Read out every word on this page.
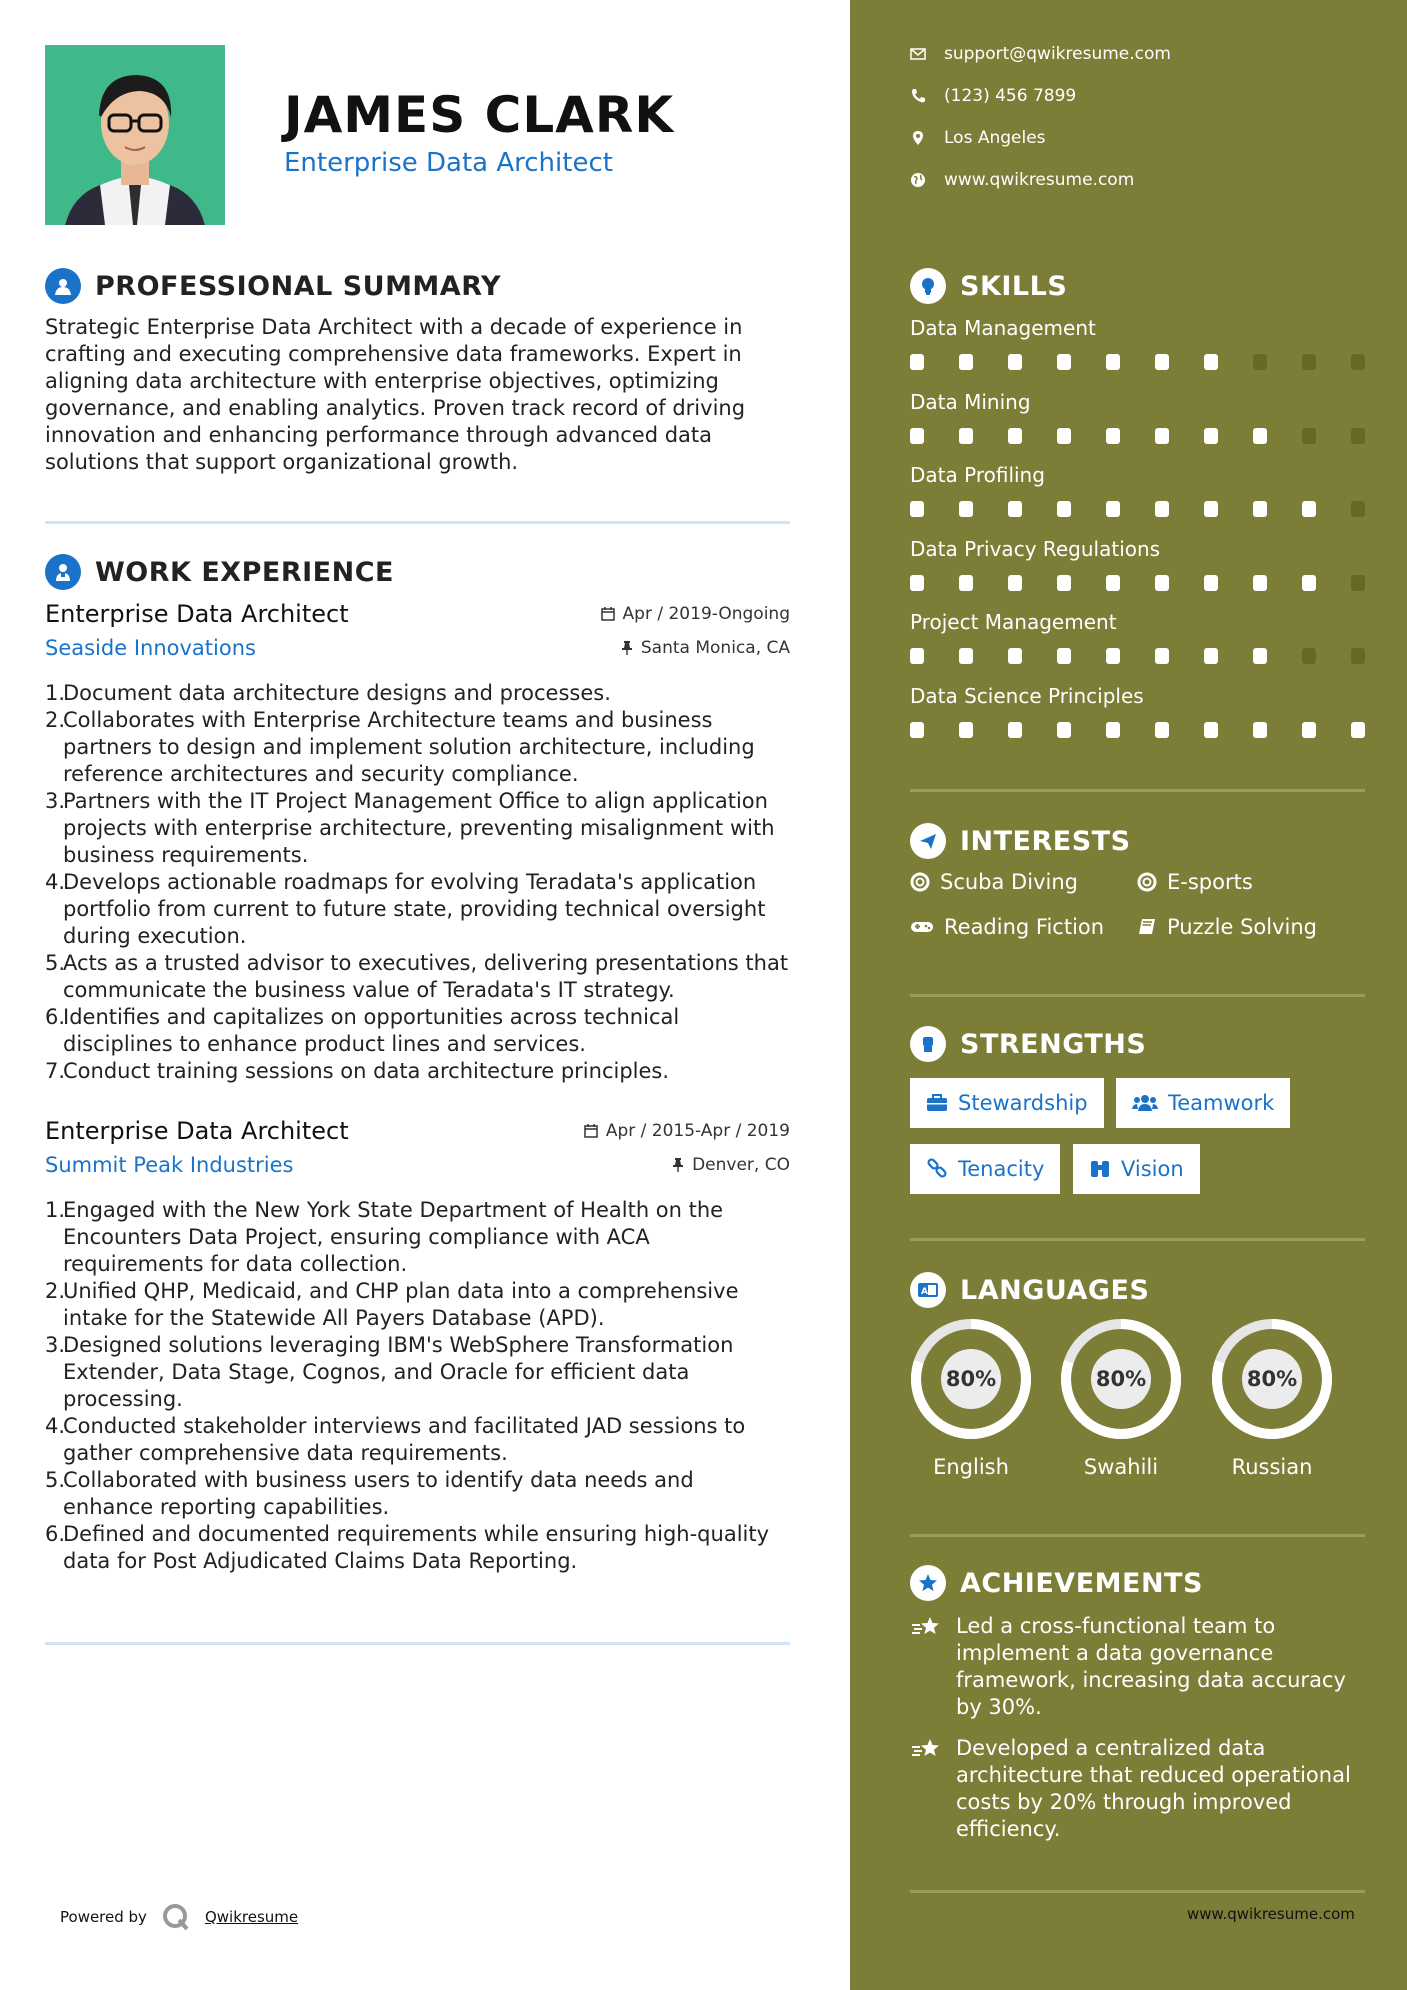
JAMES CLARK
Enterprise Data Architect
PROFESSIONAL SUMMARY
Strategic Enterprise Data Architect with a decade of experience in
crafting and executing comprehensive data frameworks. Expert in
aligning data architecture with enterprise objectives, optimizing
governance, and enabling analytics. Proven track record of driving
innovation and enhancing performance through advanced data
solutions that support organizational growth.
WORK EXPERIENCE
Enterprise Data Architect	Apr / 2019-Ongoing
Seaside Innovations	Santa Monica, CA
1.
Document data architecture designs and processes.
2.
Collaborates with Enterprise Architecture teams and business
partners to design and implement solution architecture, including
reference architectures and security compliance.
3.
Partners with the IT Project Management Office to align application
projects with enterprise architecture, preventing misalignment with
business requirements.
4.
Develops actionable roadmaps for evolving Teradata's application
portfolio from current to future state, providing technical oversight
during execution.
5.
Acts as a trusted advisor to executives, delivering presentations that
communicate the business value of Teradata's IT strategy.
6.
Identifies and capitalizes on opportunities across technical
disciplines to enhance product lines and services.
7.
Conduct training sessions on data architecture principles.
Enterprise Data Architect	Apr / 2015-Apr / 2019
Summit Peak Industries	Denver, CO
1.
Engaged with the New York State Department of Health on the
Encounters Data Project, ensuring compliance with ACA
requirements for data collection.
2.
Unified QHP, Medicaid, and CHP plan data into a comprehensive
intake for the Statewide All Payers Database (APD).
3.
Designed solutions leveraging IBM's WebSphere Transformation
Extender, Data Stage, Cognos, and Oracle for efficient data
processing.
4.
Conducted stakeholder interviews and facilitated JAD sessions to
gather comprehensive data requirements.
5.
Collaborated with business users to identify data needs and
enhance reporting capabilities.
6.
Defined and documented requirements while ensuring high-quality
data for Post Adjudicated Claims Data Reporting.
Powered by	Qwikresume
support@qwikresume.com
(123) 456 7899
Los Angeles
www.qwikresume.com
SKILLS
Data Management
Data Mining
Data Profiling
Data Privacy Regulations
Project Management
Data Science Principles
INTERESTS
Scuba Diving	E-sports
Reading Fiction	Puzzle Solving
STRENGTHS
Stewardship	Teamwork
Tenacity	Vision
A LANGUAGES
80%
English
80%
Swahili
80%
Russian
ACHIEVEMENTS
Led a cross-functional team to
implement a data governance
framework, increasing data accuracy
by 30%.
Developed a centralized data
architecture that reduced operational
costs by 20% through improved
efficiency.
www.qwikresume.com
